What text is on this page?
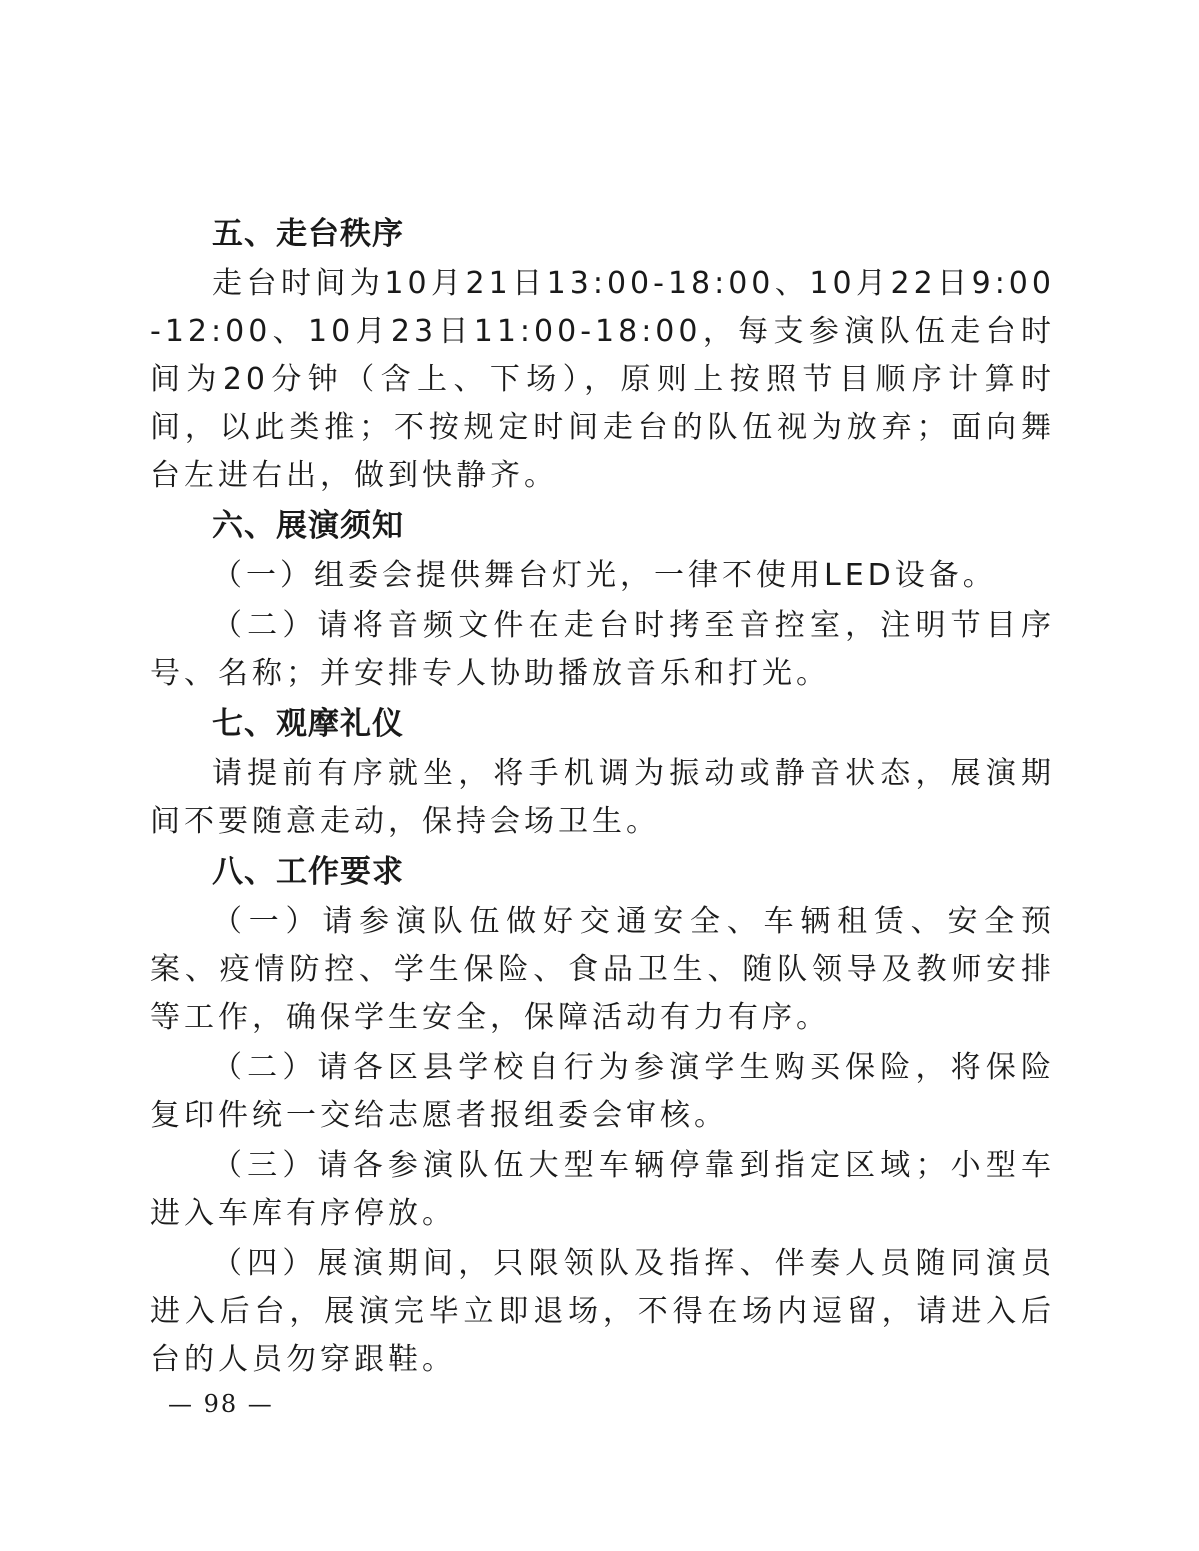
五、走台秩序

走台时间为10月21日13:00-18:00、10月22日9:00-12:00、10月23日11:00-18:00，每支参演队伍走台时间为20分钟（含上、下场），原则上按照节目顺序计算时间，以此类推；不按规定时间走台的队伍视为放弃；面向舞台左进右出，做到快静齐。

六、展演须知

（一）组委会提供舞台灯光，一律不使用LED设备。

（二）请将音频文件在走台时拷至音控室，注明节目序号、名称；并安排专人协助播放音乐和打光。

七、观摩礼仪

请提前有序就坐，将手机调为振动或静音状态，展演期间不要随意走动，保持会场卫生。

八、工作要求

（一）请参演队伍做好交通安全、车辆租赁、安全预案、疫情防控、学生保险、食品卫生、随队领导及教师安排等工作，确保学生安全，保障活动有力有序。

（二）请各区县学校自行为参演学生购买保险，将保险复印件统一交给志愿者报组委会审核。

（三）请各参演队伍大型车辆停靠到指定区域；小型车进入车库有序停放。

（四）展演期间，只限领队及指挥、伴奏人员随同演员进入后台，展演完毕立即退场，不得在场内逗留，请进入后台的人员勿穿跟鞋。

— 98 —
